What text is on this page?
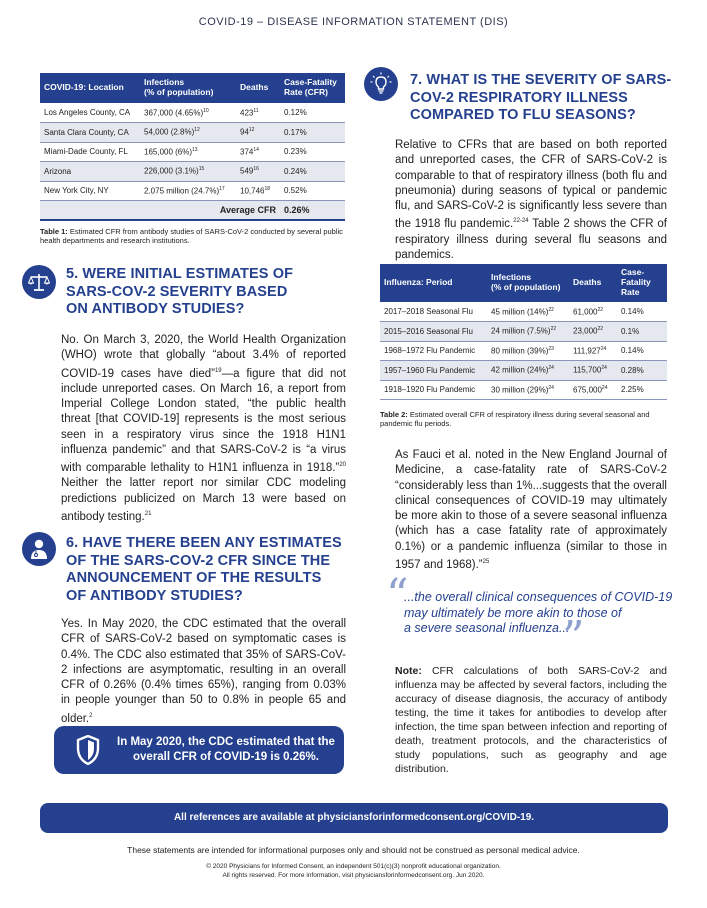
COVID-19 – DISEASE INFORMATION STATEMENT (DIS)
COVID-19: Location	Infections
(% of population)	Deaths	Case-Fatality
Rate (CFR)
Los Angeles County, CA	367,000 $(4.65\%)^{10}$	$423^{11}$	0.12%
Santa Clara County, CA	54,000 $(2.8\%)^{12}$	$94^{12}$	0.17%
Miami-Dade County, FL	165,000 $(6\%)^{13}$	$374^{14}$	0.23%
Arizona	226,000 $(3.1\%)^{15}$	$549^{16}$	0.24%
New York City, NY	2.075 million $(24.7\%)^{17}$	10,746$^{18}$	0.52%
Average CFR			0.26%
Table 1: Estimated CFR from antibody studies of SARS-CoV-2 conducted by several public health departments and research institutions.
5. WERE INITIAL ESTIMATES OF
SARS-COV-2 SEVERITY BASED
ON ANTIBODY STUDIES?
No. On March 3, 2020, the World Health Organization (WHO) wrote that globally “about 3.4% of reported COVID-19 cases have died”$^{19}$—a figure that did not include unreported cases. On March 16, a report from Imperial College London stated, “the public health threat [that COVID-19] represents is the most serious seen in a respiratory virus since the 1918 H1N1 influenza pandemic” and that SARS-CoV-2 is “a virus with comparable lethality to H1N1 influenza in 1918.”$^{20}$ Neither the latter report nor similar CDC modeling predictions publicized on March 13 were based on antibody testing.$^{21}$
6. HAVE THERE BEEN ANY ESTIMATES
OF THE SARS-COV-2 CFR SINCE THE
ANNOUNCEMENT OF THE RESULTS
OF ANTIBODY STUDIES?
Yes. In May 2020, the CDC estimated that the overall CFR of SARS-CoV-2 based on symptomatic cases is 0.4%. The CDC also estimated that 35% of SARS-CoV-2 infections are asymptomatic, resulting in an overall CFR of 0.26% (0.4% times 65%), ranging from 0.03% in people younger than 50 to 0.8% in people 65 and older.$^2$
In May 2020, the CDC estimated that the overall CFR of COVID-19 is 0.26%.
7. WHAT IS THE SEVERITY OF SARS-
COV-2 RESPIRATORY ILLNESS
COMPARED TO FLU SEASONS?
Relative to CFRs that are based on both reported and unreported cases, the CFR of SARS-CoV-2 is comparable to that of respiratory illness (both flu and pneumonia) during seasons of typical or pandemic flu, and SARS-CoV-2 is significantly less severe than the 1918 flu pandemic.$^{22-24}$ Table 2 shows the CFR of respiratory illness during several flu seasons and pandemics.
Influenza: Period	Infections
(% of population)	Deaths	Case-
Fatality
Rate
2017–2018 Seasonal Flu	45 million $(14\%)^{22}$	61,000$^{22}$	0.14%
2015–2016 Seasonal Flu	24 million $(7.5\%)^{22}$	23,000$^{22}$	0.1%
1968–1972 Flu Pandemic	80 million $(39\%)^{23}$	111,927$^{24}$	0.14%
1957–1960 Flu Pandemic	42 million $(24\%)^{24}$	115,700$^{24}$	0.28%
1918–1920 Flu Pandemic	30 million $(29\%)^{24}$	675,000$^{24}$	2.25%
Table 2: Estimated overall CFR of respiratory illness during several seasonal and pandemic flu periods.
As Fauci et al. noted in the New England Journal of Medicine, a case-fatality rate of SARS-CoV-2 “considerably less than 1%...suggests that the overall clinical consequences of COVID-19 may ultimately be more akin to those of a severe seasonal influenza (which has a case fatality rate of approximately 0.1%) or a pandemic influenza (similar to those in 1957 and 1968).”$^{25}$
“
...the overall clinical consequences of COVID-19
may ultimately be more akin to those of
a severe seasonal influenza...
”
Note: CFR calculations of both SARS-CoV-2 and influenza may be affected by several factors, including the accuracy of disease diagnosis, the accuracy of antibody testing, the time it takes for antibodies to develop after infection, the time span between infection and reporting of death, treatment protocols, and the characteristics of study populations, such as geography and age distribution.
All references are available at physiciansforinformedconsent.org/COVID-19.
These statements are intended for informational purposes only and should not be construed as personal medical advice.
© 2020 Physicians for Informed Consent, an independent 501(c)(3) nonprofit educational organization.
All rights reserved. For more information, visit physiciansforinformedconsent.org. Jun 2020.
